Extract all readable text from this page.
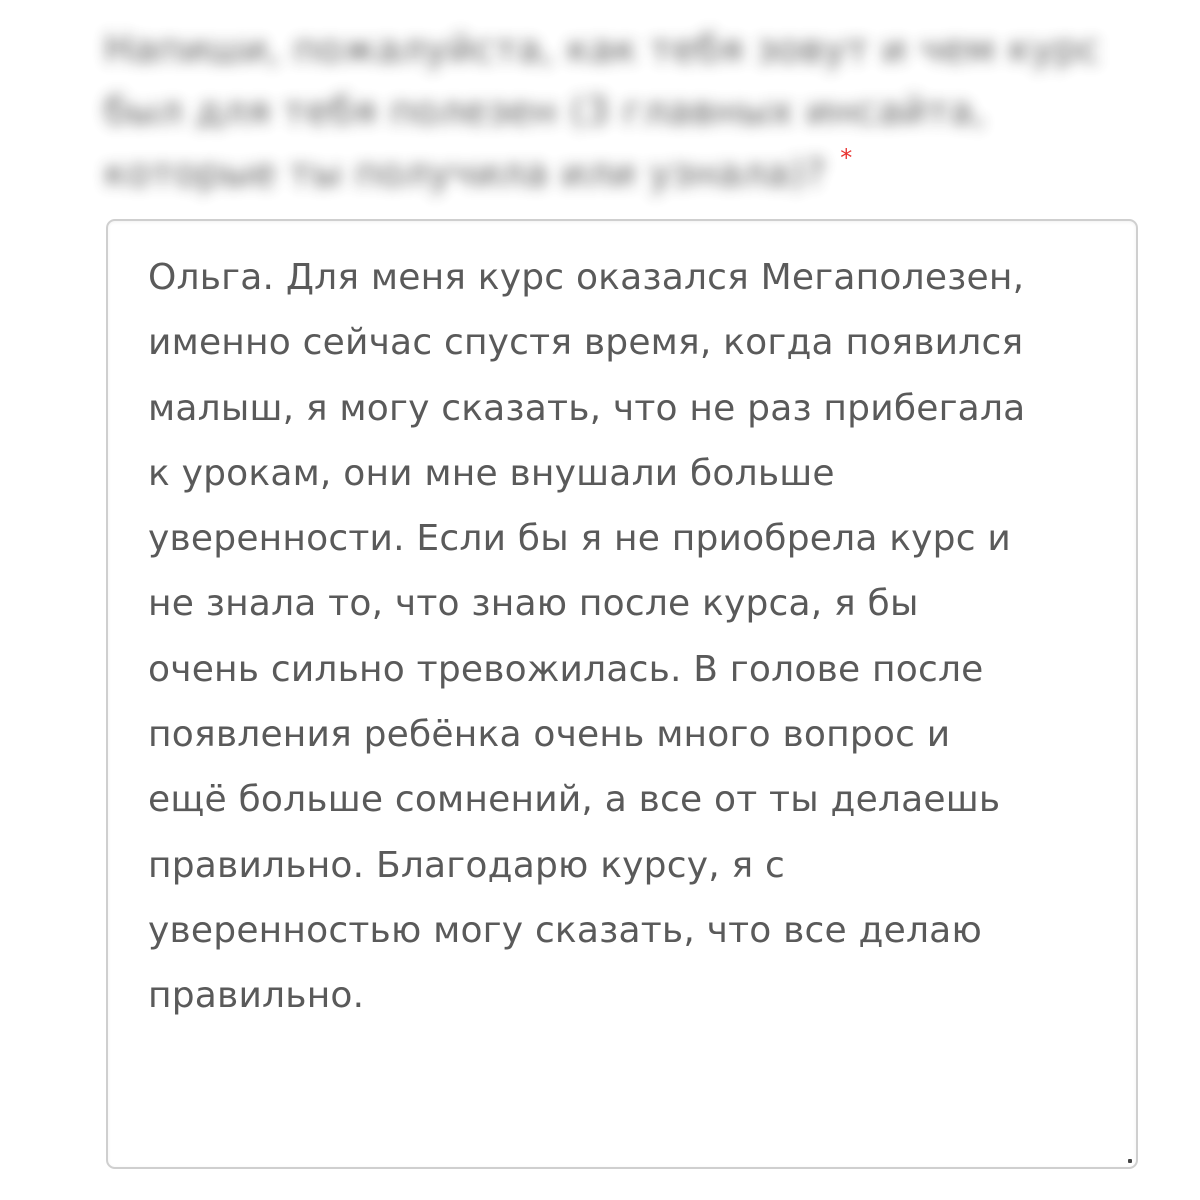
Напиши, пожалуйста, как тебя зовут и чем курс был для тебя полезен (3 главных инсайта, которые ты получила или узнала)? *

Ольга. Для меня курс оказался Мегаполезен,
именно сейчас спустя время, когда появился
малыш, я могу сказать, что не раз прибегала
к урокам, они мне внушали больше
уверенности. Если бы я не приобрела курс и
не знала то, что знаю после курса, я бы
очень сильно тревожилась. В голове после
появления ребёнка очень много вопрос и
ещё больше сомнений, а все от ты делаешь
правильно. Благодарю курсу, я с
уверенностью могу сказать, что все делаю
правильно.
